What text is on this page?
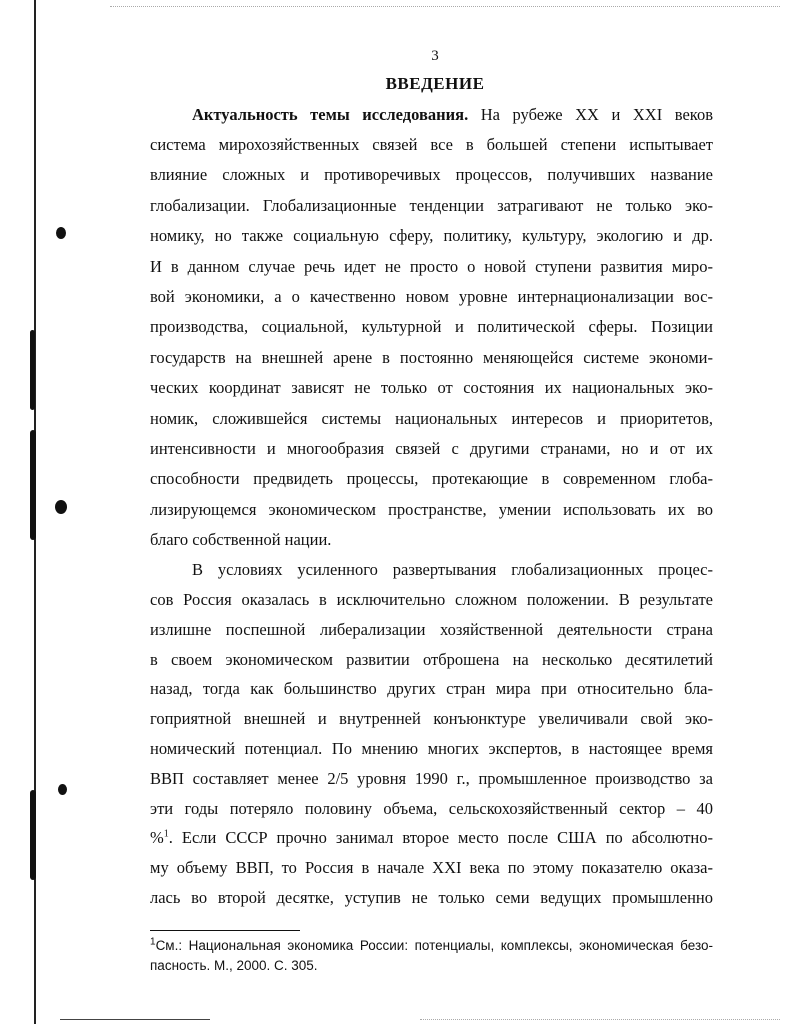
3
ВВЕДЕНИЕ
Актуальность темы исследования. На рубеже XX и XXI веков
система мирохозяйственных связей все в большей степени испытывает
влияние сложных и противоречивых процессов, получивших название
глобализации. Глобализационные тенденции затрагивают не только эко-
номику, но также социальную сферу, политику, культуру, экологию и др.
И в данном случае речь идет не просто о новой ступени развития миро-
вой экономики, а о качественно новом уровне интернационализации вос-
производства, социальной, культурной и политической сферы. Позиции
государств на внешней арене в постоянно меняющейся системе экономи-
ческих координат зависят не только от состояния их национальных эко-
номик, сложившейся системы национальных интересов и приоритетов,
интенсивности и многообразия связей с другими странами, но и от их
способности предвидеть процессы, протекающие в современном глоба-
лизирующемся экономическом пространстве, умении использовать их во
благо собственной нации.
В условиях усиленного развертывания глобализационных процес-
сов Россия оказалась в исключительно сложном положении. В результате
излишне поспешной либерализации хозяйственной деятельности страна
в своем экономическом развитии отброшена на несколько десятилетий
назад, тогда как большинство других стран мира при относительно бла-
гоприятной внешней и внутренней конъюнктуре увеличивали свой эко-
номический потенциал. По мнению многих экспертов, в настоящее время
ВВП составляет менее 2/5 уровня 1990 г., промышленное производство за
эти годы потеряло половину объема, сельскохозяйственный сектор – 40
%$^1$. Если СССР прочно занимал второе место после США по абсолютно-
му объему ВВП, то Россия в начале XXI века по этому показателю оказа-
лась во второй десятке, уступив не только семи ведущих промышленно
$^1$См.: Национальная экономика России: потенциалы, комплексы, экономическая безо-
пасность. М., 2000. С. 305.
